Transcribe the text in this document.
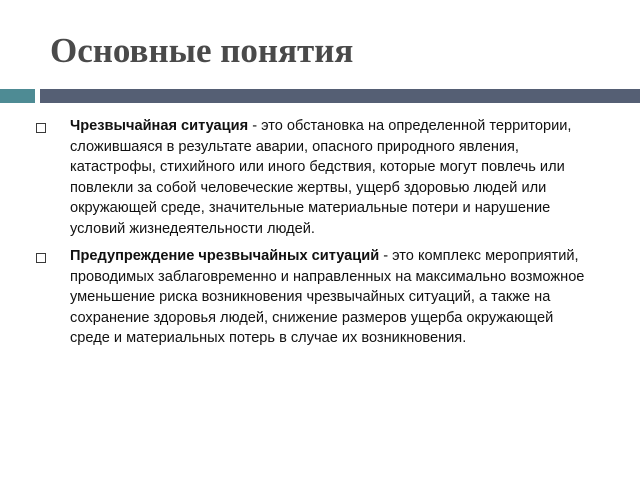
Основные понятия
Чрезвычайная ситуация - это обстановка на определенной территории, сложившаяся в результате аварии, опасного природного явления, катастрофы, стихийного или иного бедствия, которые могут повлечь или повлекли за собой человеческие жертвы, ущерб здоровью людей или окружающей среде, значительные материальные потери и нарушение условий жизнедеятельности людей.
Предупреждение чрезвычайных ситуаций - это комплекс мероприятий, проводимых заблаговременно и направленных на максимально возможное уменьшение риска возникновения чрезвычайных ситуаций, а также на сохранение здоровья людей, снижение размеров ущерба окружающей среде и материальных потерь в случае их возникновения.
